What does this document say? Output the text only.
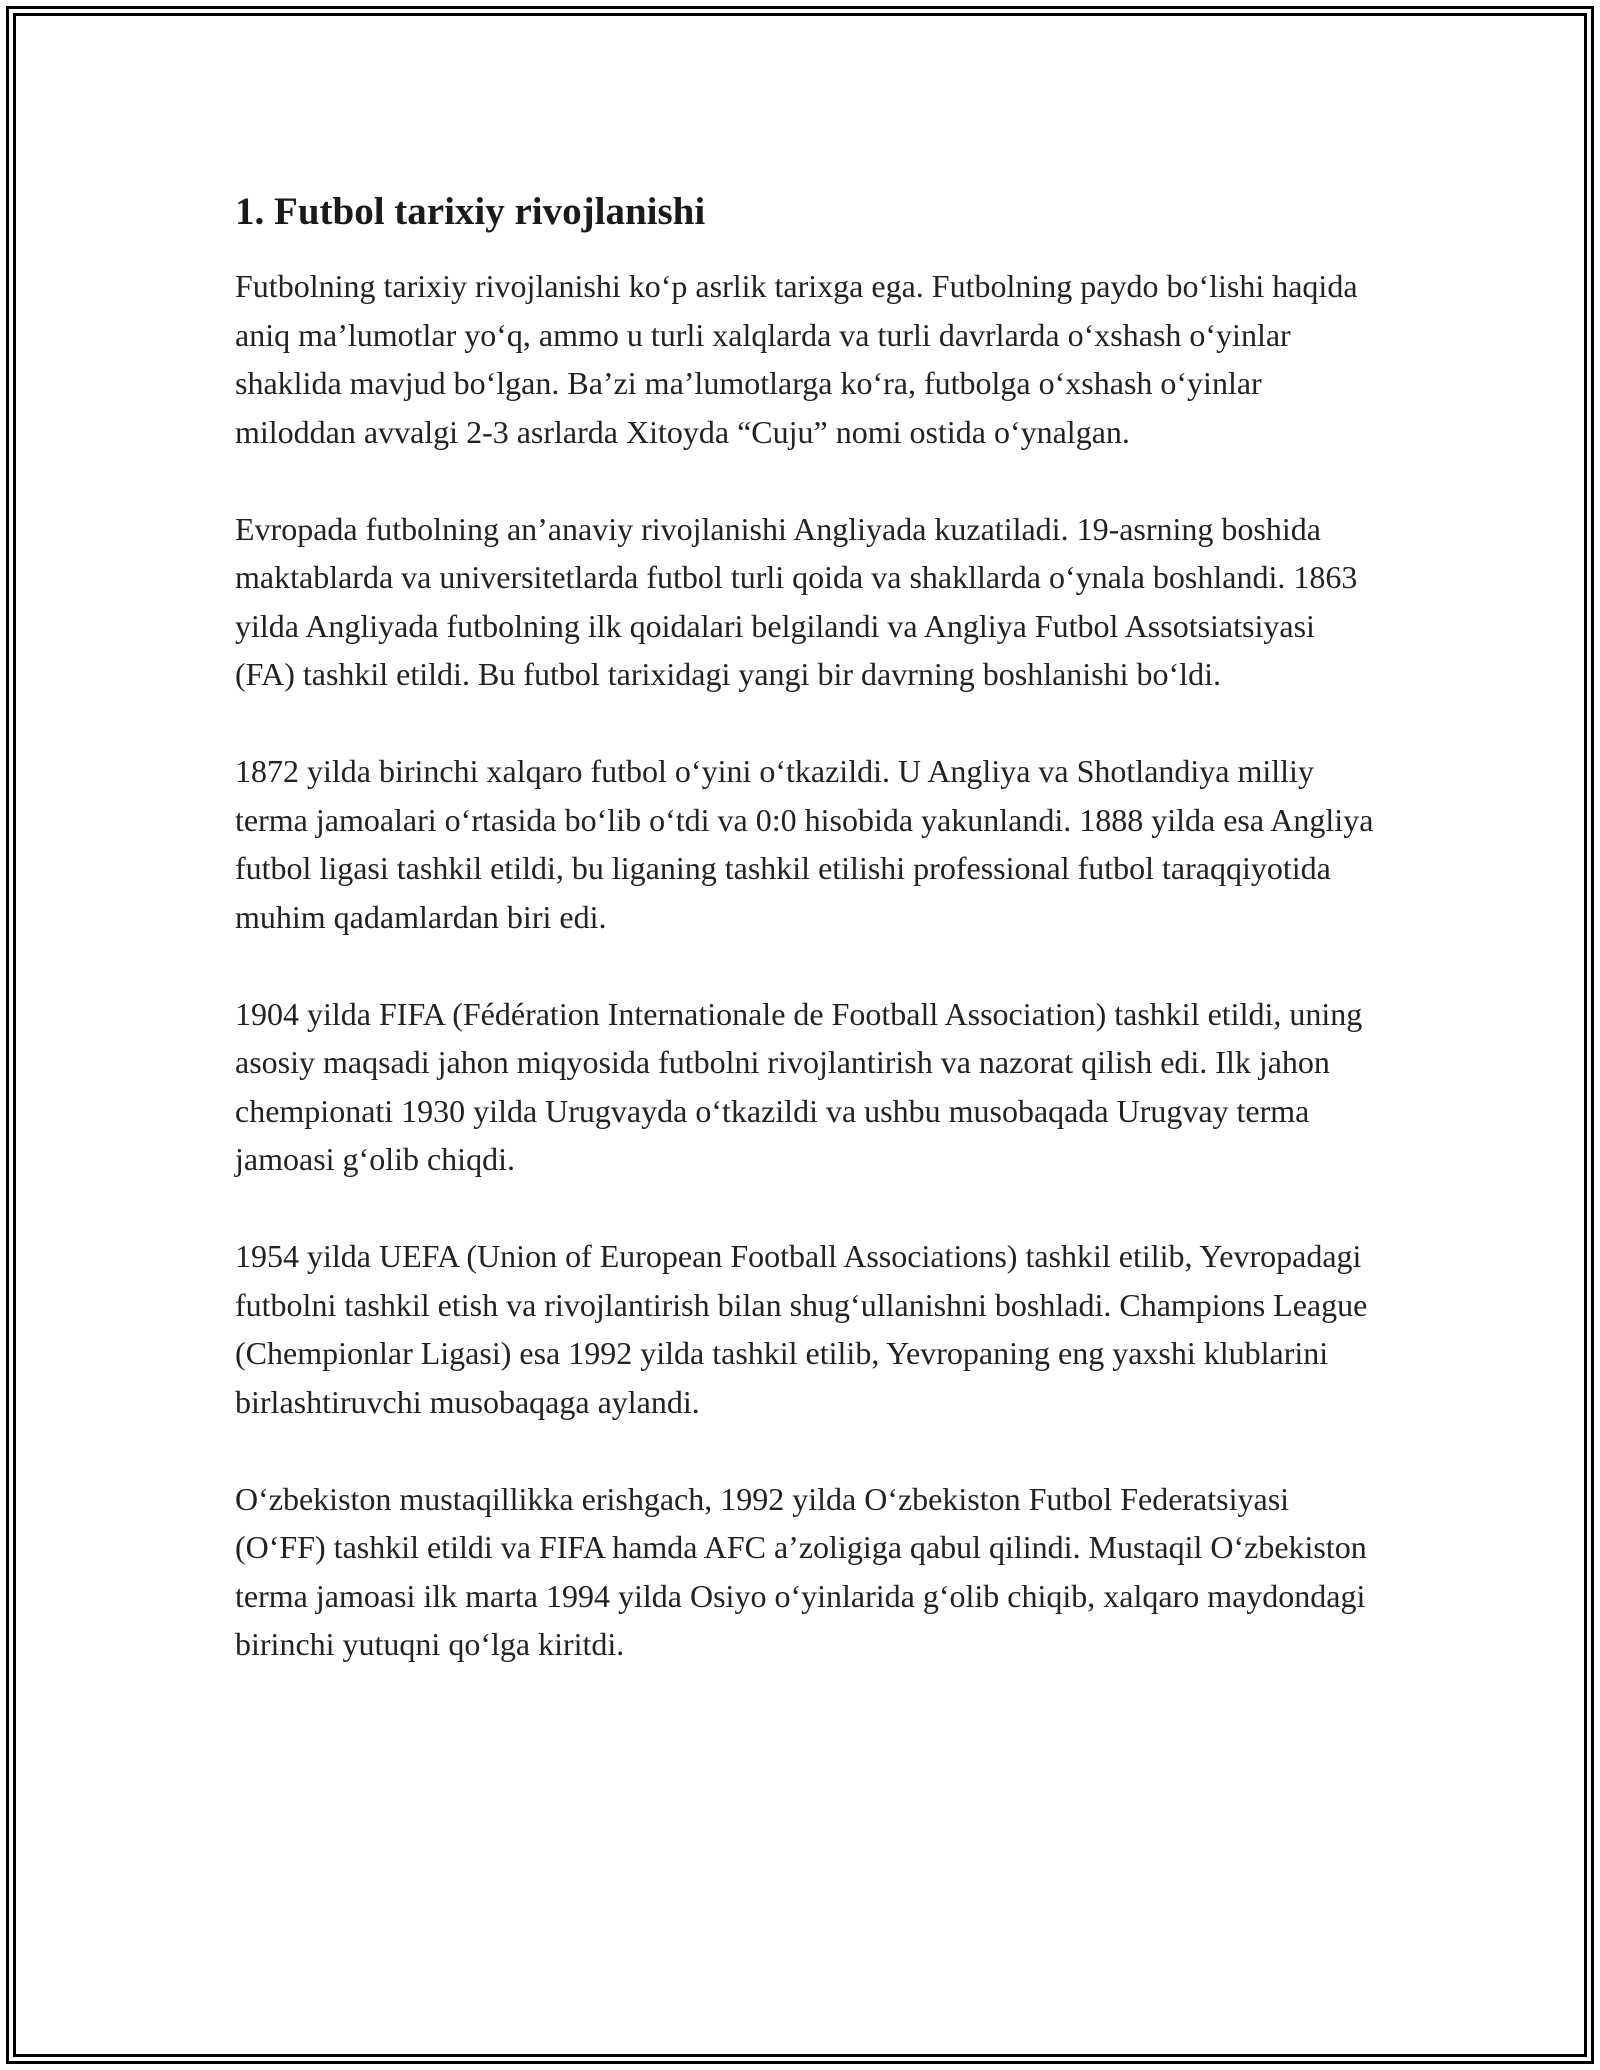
1. Futbol tarixiy rivojlanishi

Futbolning tarixiy rivojlanishi ko‘p asrlik tarixga ega. Futbolning paydo bo‘lishi haqida aniq ma’lumotlar yo‘q, ammo u turli xalqlarda va turli davrlarda o‘xshash o‘yinlar shaklida mavjud bo‘lgan. Ba’zi ma’lumotlarga ko‘ra, futbolga o‘xshash o‘yinlar miloddan avvalgi 2-3 asrlarda Xitoyda “Cuju” nomi ostida o‘ynalgan.

Evropada futbolning an’anaviy rivojlanishi Angliyada kuzatiladi. 19-asrning boshida maktablarda va universitetlarda futbol turli qoida va shakllarda o‘ynala boshlandi. 1863 yilda Angliyada futbolning ilk qoidalari belgilandi va Angliya Futbol Assotsiatsiyasi (FA) tashkil etildi. Bu futbol tarixidagi yangi bir davrning boshlanishi bo‘ldi.

1872 yilda birinchi xalqaro futbol o‘yini o‘tkazildi. U Angliya va Shotlandiya milliy terma jamoalari o‘rtasida bo‘lib o‘tdi va 0:0 hisobida yakunlandi. 1888 yilda esa Angliya futbol ligasi tashkil etildi, bu liganing tashkil etilishi professional futbol taraqqiyotida muhim qadamlardan biri edi.

1904 yilda FIFA (Fédération Internationale de Football Association) tashkil etildi, uning asosiy maqsadi jahon miqyosida futbolni rivojlantirish va nazorat qilish edi. Ilk jahon chempionati 1930 yilda Urugvayda o‘tkazildi va ushbu musobaqada Urugvay terma jamoasi g‘olib chiqdi.

1954 yilda UEFA (Union of European Football Associations) tashkil etilib, Yevropadagi futbolni tashkil etish va rivojlantirish bilan shug‘ullanishni boshladi. Champions League (Chempionlar Ligasi) esa 1992 yilda tashkil etilib, Yevropaning eng yaxshi klublarini birlashtiruvchi musobaqaga aylandi.

O‘zbekiston mustaqillikka erishgach, 1992 yilda O‘zbekiston Futbol Federatsiyasi (O‘FF) tashkil etildi va FIFA hamda AFC a’zoligiga qabul qilindi. Mustaqil O‘zbekiston terma jamoasi ilk marta 1994 yilda Osiyo o‘yinlarida g‘olib chiqib, xalqaro maydondagi birinchi yutuqni qo‘lga kiritdi.
